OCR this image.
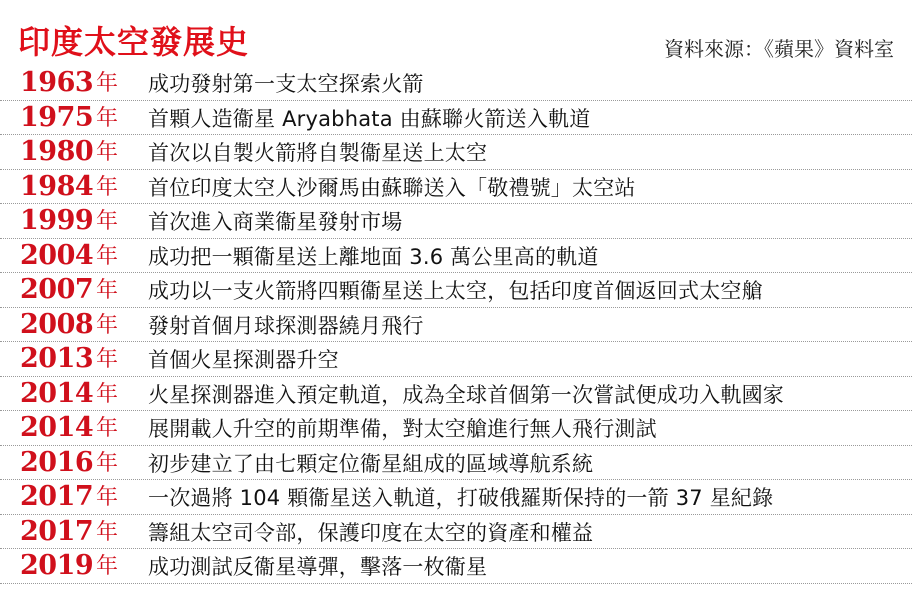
印度太空發展史	資料來源：《蘋果》資料室
1963 年 成功發射第一支太空探索火箭
1975 年 首顆人造衞星 Aryabhata 由蘇聯火箭送入軌道
1980 年 首次以自製火箭將自製衞星送上太空
1984 年 首位印度太空人沙爾馬由蘇聯送入「敬禮號」太空站
1999 年 首次進入商業衞星發射市場
2004 年 成功把一顆衞星送上離地面 3.6 萬公里高的軌道
2007 年 成功以一支火箭將四顆衞星送上太空，包括印度首個返回式太空艙
2008 年 發射首個月球探測器繞月飛行
2013 年 首個火星探測器升空
2014 年 火星探測器進入預定軌道，成為全球首個第一次嘗試便成功入軌國家
2014 年 展開載人升空的前期準備，對太空艙進行無人飛行測試
2016 年 初步建立了由七顆定位衞星組成的區域導航系統
2017 年 一次過將 104 顆衞星送入軌道，打破俄羅斯保持的一箭 37 星紀錄
2017 年 籌組太空司令部，保護印度在太空的資產和權益
2019 年 成功測試反衞星導彈，擊落一枚衞星
